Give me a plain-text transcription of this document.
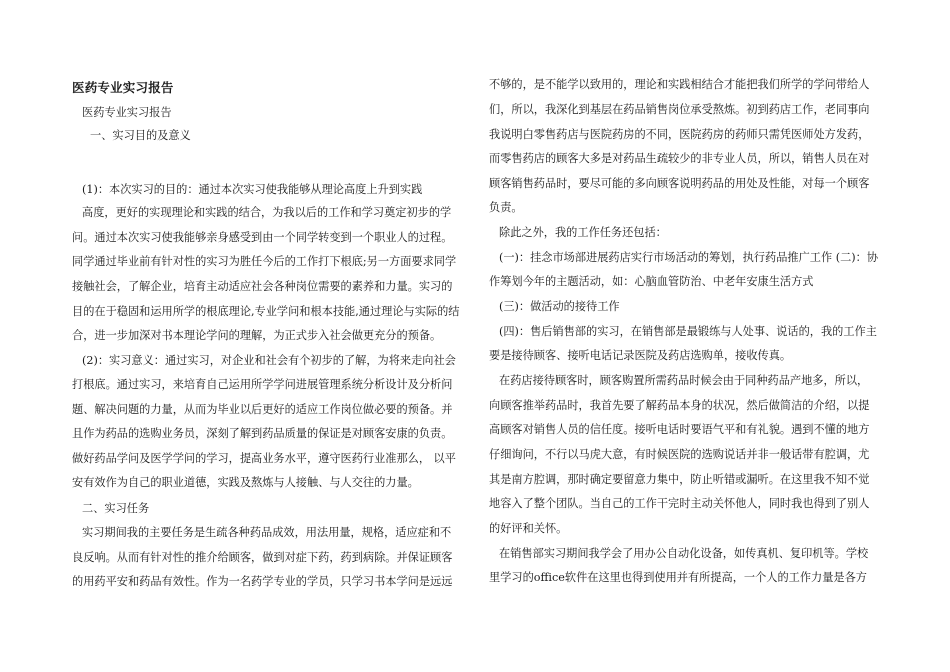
医药专业实习报告
医药专业实习报告
一、实习目的及意义
(1)：本次实习的目的：通过本次实习使我能够从理论高度上升到实践
高度，更好的实现理论和实践的结合，为我以后的工作和学习奠定初步的学
问。通过本次实习使我能够亲身感受到由一个同学转变到一个职业人的过程。
同学通过毕业前有针对性的实习为胜任今后的工作打下根底;另一方面要求同学
接触社会，了解企业，培育主动适应社会各种岗位需要的素养和力量。实习的
目的在于稳固和运用所学的根底理论,专业学问和根本技能,通过理论与实际的结
合，进一步加深对书本理论学问的理解，为正式步入社会做更充分的预备。
(2)：实习意义：通过实习，对企业和社会有个初步的了解，为将来走向社会
打根底。通过实习，来培育自己运用所学学问进展管理系统分析设计及分析问
题、解决问题的力量，从而为毕业以后更好的适应工作岗位做必要的预备。并
且作为药品的选购业务员，深刻了解到药品质量的保证是对顾客安康的负责。
做好药品学问及医学学问的学习，提高业务水平，遵守医药行业准那么， 以平
安有效作为自己的职业道德，实践及熬炼与人接触、与人交往的力量。
二、实习任务
实习期间我的主要任务是生疏各种药品成效，用法用量，规格，适应症和不
良反响。从而有针对性的推介给顾客，做到对症下药，药到病除。并保证顾客
的用药平安和药品有效性。作为一名药学专业的学员，只学习书本学问是远远
不够的，是不能学以致用的，理论和实践相结合才能把我们所学的学问带给人
们，所以，我深化到基层在药品销售岗位承受熬炼。初到药店工作，老同事向
我说明白零售药店与医院药房的不同，医院药房的药师只需凭医师处方发药，
而零售药店的顾客大多是对药品生疏较少的非专业人员，所以，销售人员在对
顾客销售药品时，要尽可能的多向顾客说明药品的用处及性能，对每一个顾客
负责。
除此之外，我的工作任务还包括：
(一)：挂念市场部进展药店实行市场活动的筹划，执行药品推广工作 (二)：协
作筹划今年的主题活动，如：心脑血管防治、中老年安康生活方式
(三)：做活动的接待工作
(四)：售后销售部的实习，在销售部是最锻练与人处事、说话的，我的工作主
要是接待顾客、接听电话记录医院及药店选购单，接收传真。
在药店接待顾客时，顾客购置所需药品时候会由于同种药品产地多，所以，
向顾客推举药品时，我首先要了解药品本身的状况，然后做简洁的介绍，以提
高顾客对销售人员的信任度。接听电话时要语气平和有礼貌。遇到不懂的地方
仔细询问，不行以马虎大意，有时候医院的选购说话并非一般话带有腔调，尤
其是南方腔调，那时确定要留意力集中，防止听错或漏听。在这里我不知不觉
地容入了整个团队。当自己的工作干完时主动关怀他人，同时我也得到了别人
的好评和关怀。
在销售部实习期间我学会了用办公自动化设备，如传真机、复印机等。学校
里学习的office软件在这里也得到使用并有所提高，一个人的工作力量是各方
